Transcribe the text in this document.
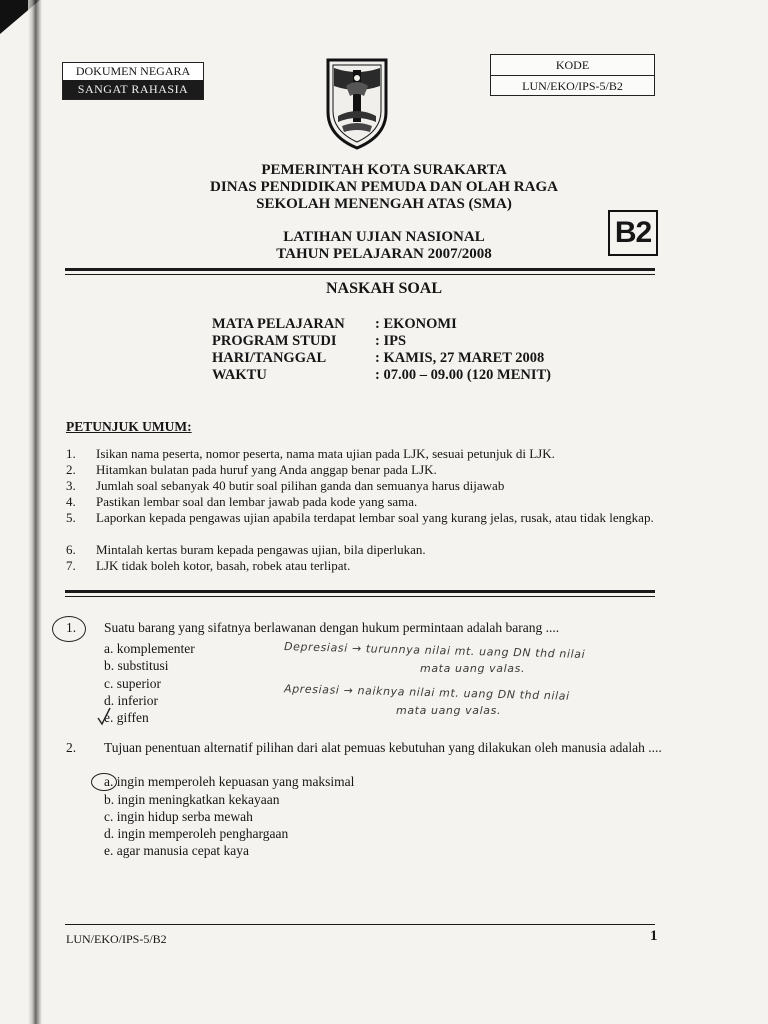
DOKUMEN NEGARA
SANGAT RAHASIA
KODE
LUN/EKO/IPS-5/B2
PEMERINTAH KOTA SURAKARTA
DINAS PENDIDIKAN PEMUDA DAN OLAH RAGA
SEKOLAH MENENGAH ATAS (SMA)
LATIHAN UJIAN NASIONAL
TAHUN PELAJARAN 2007/2008
B2
NASKAH SOAL
MATA PELAJARAN	: EKONOMI
PROGRAM STUDI	: IPS
HARI/TANGGAL	: KAMIS, 27 MARET 2008
WAKTU	: 07.00 – 09.00 (120 MENIT)
PETUNJUK UMUM:
1.	Isikan nama peserta, nomor peserta, nama mata ujian pada LJK, sesuai petunjuk di LJK.
2.	Hitamkan bulatan pada huruf yang Anda anggap benar pada LJK.
3.	Jumlah soal sebanyak 40 butir soal pilihan ganda dan semuanya harus dijawab
4.	Pastikan lembar soal dan lembar jawab pada kode yang sama.
5.	Laporkan kepada pengawas ujian apabila terdapat lembar soal yang kurang jelas, rusak, atau tidak lengkap.
6.	Mintalah kertas buram kepada pengawas ujian, bila diperlukan.
7.	LJK tidak boleh kotor, basah, robek atau terlipat.
1. Suatu barang yang sifatnya berlawanan dengan hukum permintaan adalah barang ....
a. komplementer
b. substitusi
c. superior
d. inferior
e. giffen
Depresiasi → turunnya nilai mt. uang DN thd nilai
mata uang valas.
Apresiasi → naiknya nilai mt. uang DN thd nilai
mata uang valas.
2. Tujuan penentuan alternatif pilihan dari alat pemuas kebutuhan yang dilakukan oleh manusia adalah ....
a. ingin memperoleh kepuasan yang maksimal
b. ingin meningkatkan kekayaan
c. ingin hidup serba mewah
d. ingin memperoleh penghargaan
e. agar manusia cepat kaya
LUN/EKO/IPS-5/B2	1
